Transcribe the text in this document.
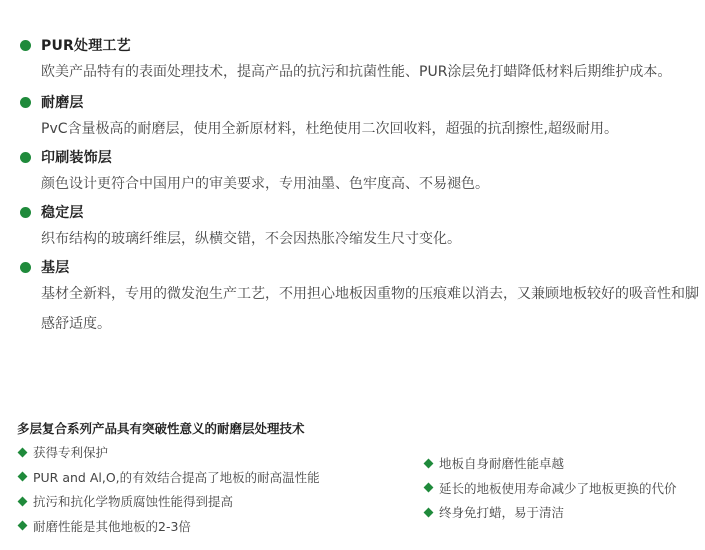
PUR处理工艺
欧美产品特有的表面处理技术，提高产品的抗污和抗菌性能、PUR涂层免打蜡降低材料后期维护成本。
耐磨层
PvC含量极高的耐磨层，使用全新原材料，杜绝使用二次回收料，超强的抗刮擦性,超级耐用。
印刷装饰层
颜色设计更符合中国用户的审美要求，专用油墨、色牢度高、不易褪色。
稳定层
织布结构的玻璃纤维层，纵横交错，不会因热胀冷缩发生尺寸变化。
基层
基材全新料，专用的微发泡生产工艺，不用担心地板因重物的压痕难以消去，又兼顾地板较好的吸音性和脚感舒适度。
多层复合系列产品具有突破性意义的耐磨层处理技术
获得专利保护
PUR and Al,O,的有效结合提高了地板的耐高温性能
抗污和抗化学物质腐蚀性能得到提高
耐磨性能是其他地板的2-3倍
地板自身耐磨性能卓越
延长的地板使用寿命减少了地板更换的代价
终身免打蜡，易于清洁
